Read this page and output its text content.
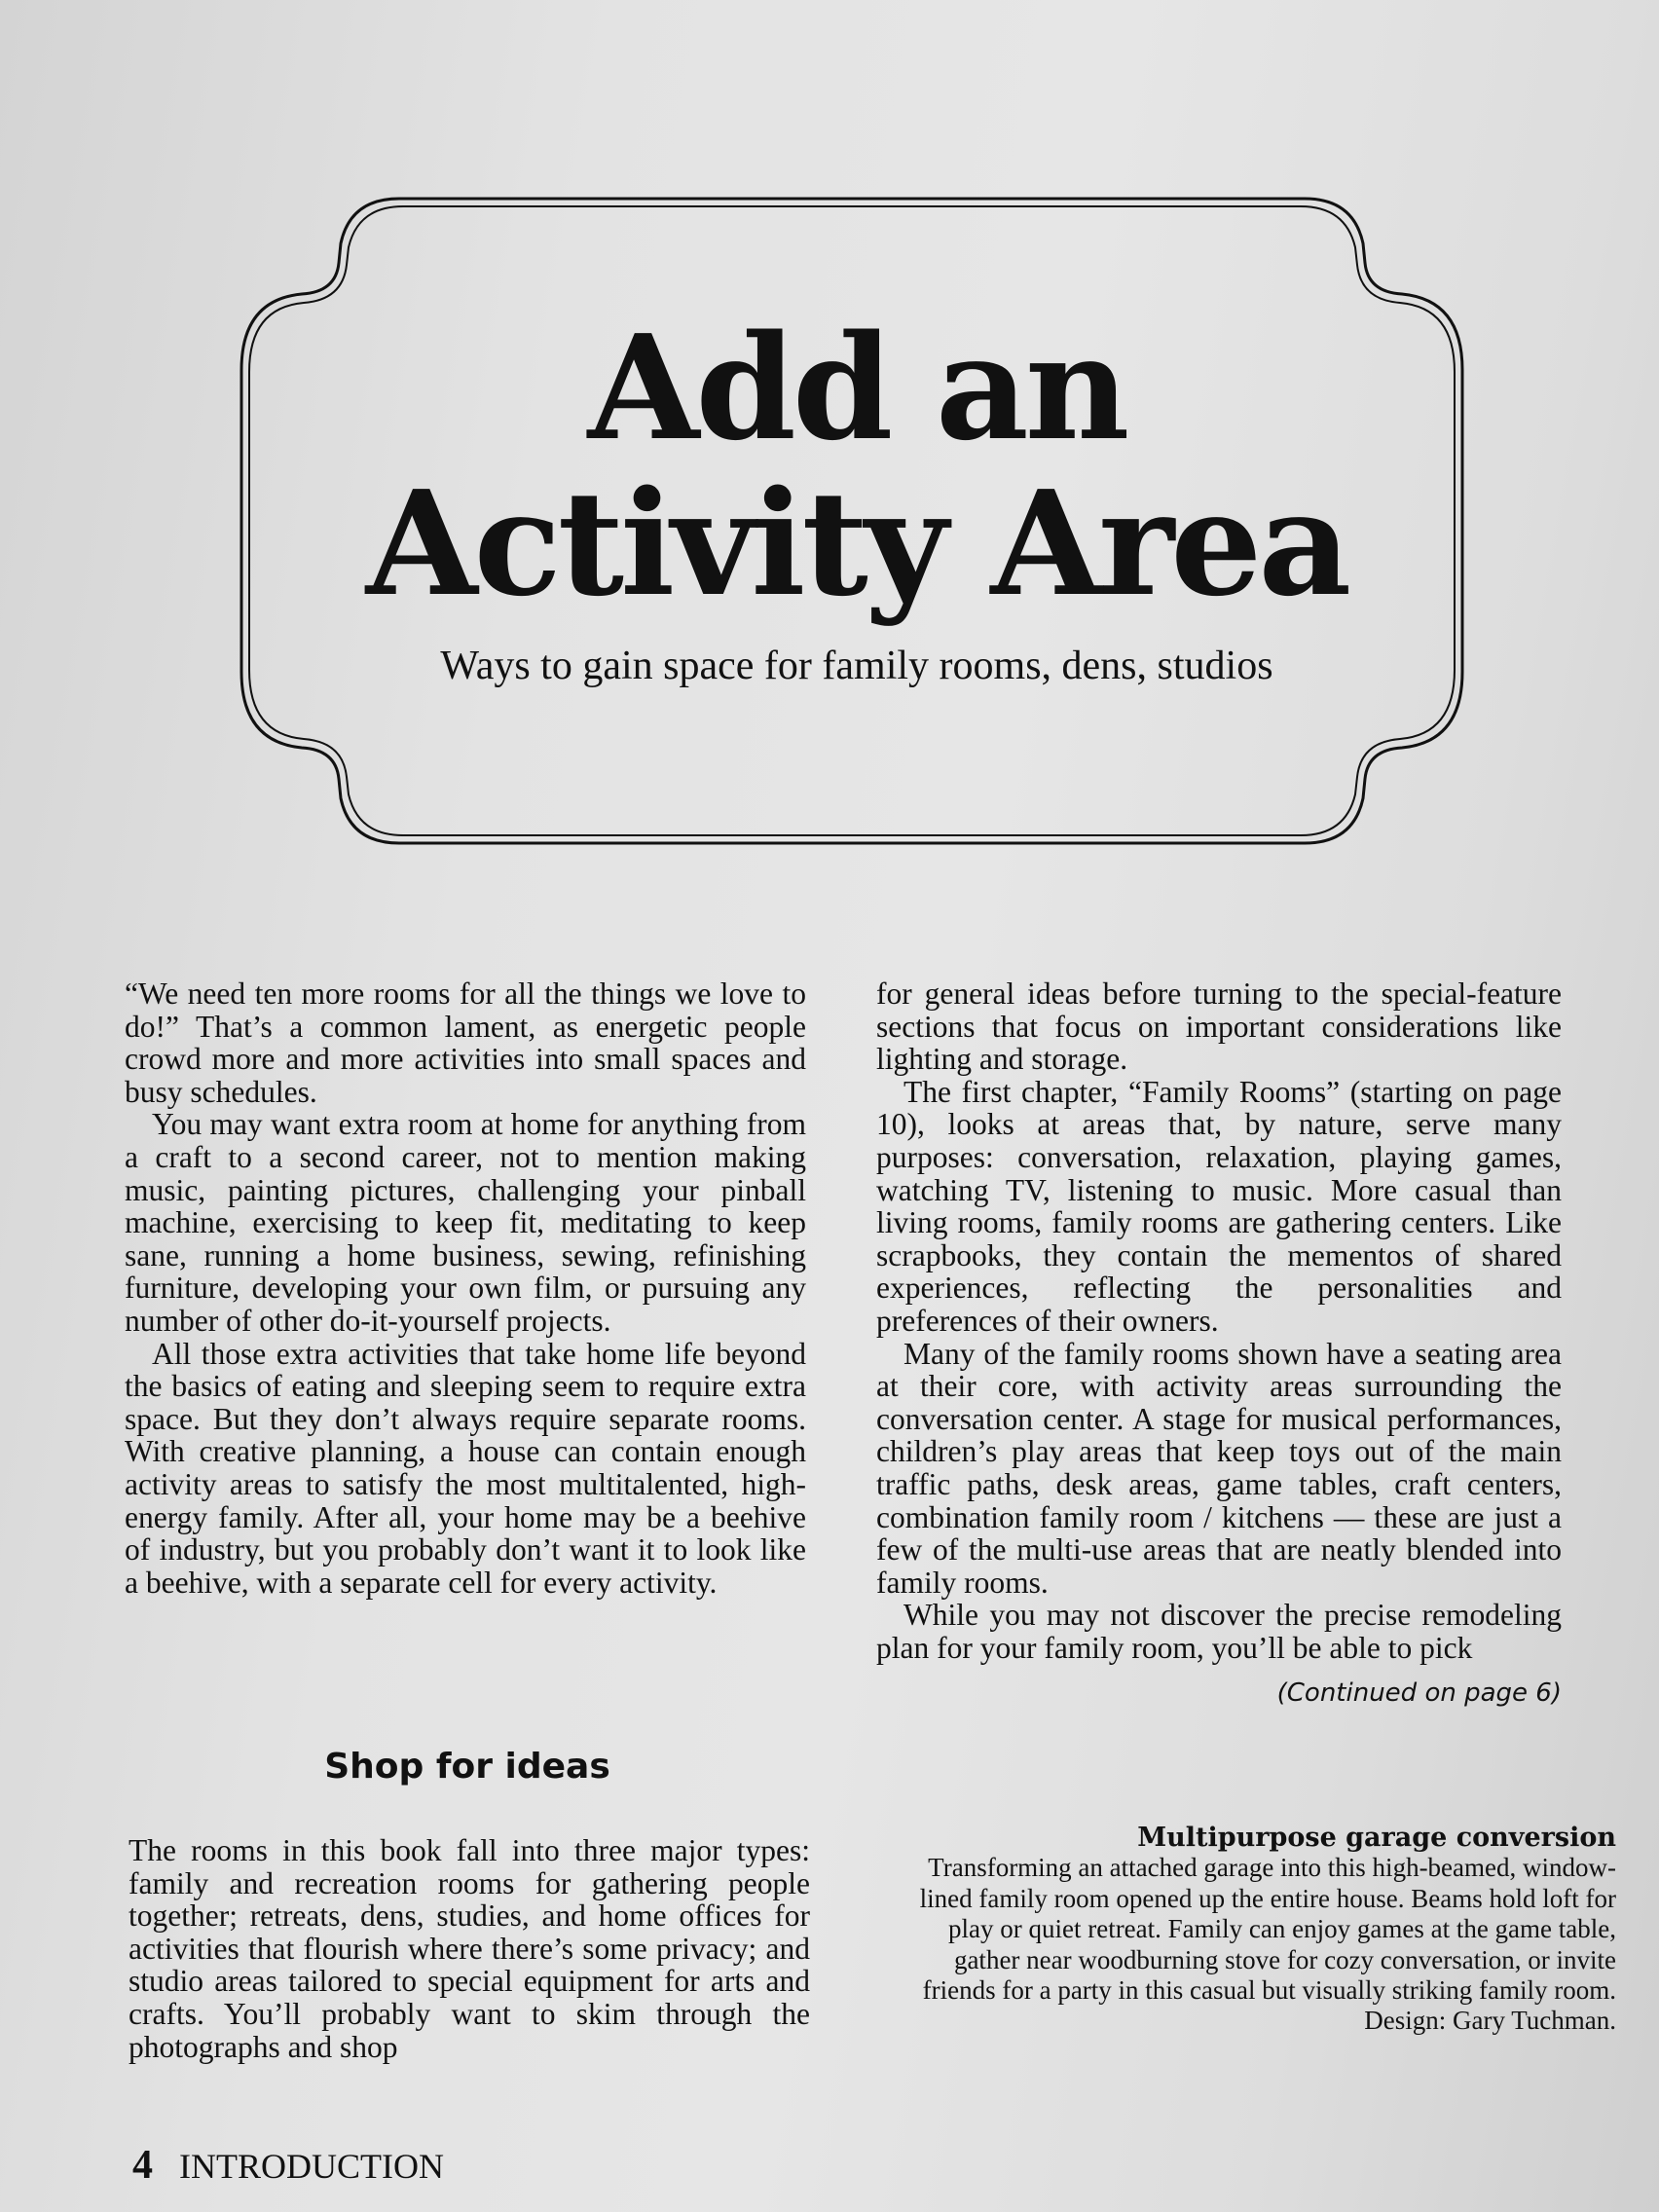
Add an
Activity Area

Ways to gain space for family rooms, dens, studios

“We need ten more rooms for all the things we love to do!” That’s a common lament, as energetic people crowd more and more activities into small spaces and busy schedules.

You may want extra room at home for anything from a craft to a second career, not to mention making music, painting pictures, challenging your pinball machine, exercising to keep fit, meditating to keep sane, running a home business, sewing, refinishing furniture, developing your own film, or pursuing any number of other do-it-yourself projects.

All those extra activities that take home life beyond the basics of eating and sleeping seem to require extra space. But they don’t always require separate rooms. With creative planning, a house can contain enough activity areas to satisfy the most multitalented, high-energy family. After all, your home may be a beehive of industry, but you probably don’t want it to look like a beehive, with a separate cell for every activity.

for general ideas before turning to the special-feature sections that focus on important considerations like lighting and storage.

The first chapter, “Family Rooms” (starting on page 10), looks at areas that, by nature, serve many purposes: conversation, relaxation, playing games, watching TV, listening to music. More casual than living rooms, family rooms are gathering centers. Like scrapbooks, they contain the mementos of shared experiences, reflecting the personalities and preferences of their owners.

Many of the family rooms shown have a seating area at their core, with activity areas surrounding the conversation center. A stage for musical performances, children’s play areas that keep toys out of the main traffic paths, desk areas, game tables, craft centers, combination family room / kitchens — these are just a few of the multi-use areas that are neatly blended into family rooms.

While you may not discover the precise remodeling plan for your family room, you’ll be able to pick

(Continued on page 6)

Shop for ideas

The rooms in this book fall into three major types: family and recreation rooms for gathering people together; retreats, dens, studies, and home offices for activities that flourish where there’s some privacy; and studio areas tailored to special equipment for arts and crafts. You’ll probably want to skim through the photographs and shop

Multipurpose garage conversion
Transforming an attached garage into this high-beamed, window-lined family room opened up the entire house. Beams hold loft for play or quiet retreat. Family can enjoy games at the game table, gather near woodburning stove for cozy conversation, or invite friends for a party in this casual but visually striking family room. Design: Gary Tuchman.
4 INTRODUCTION
